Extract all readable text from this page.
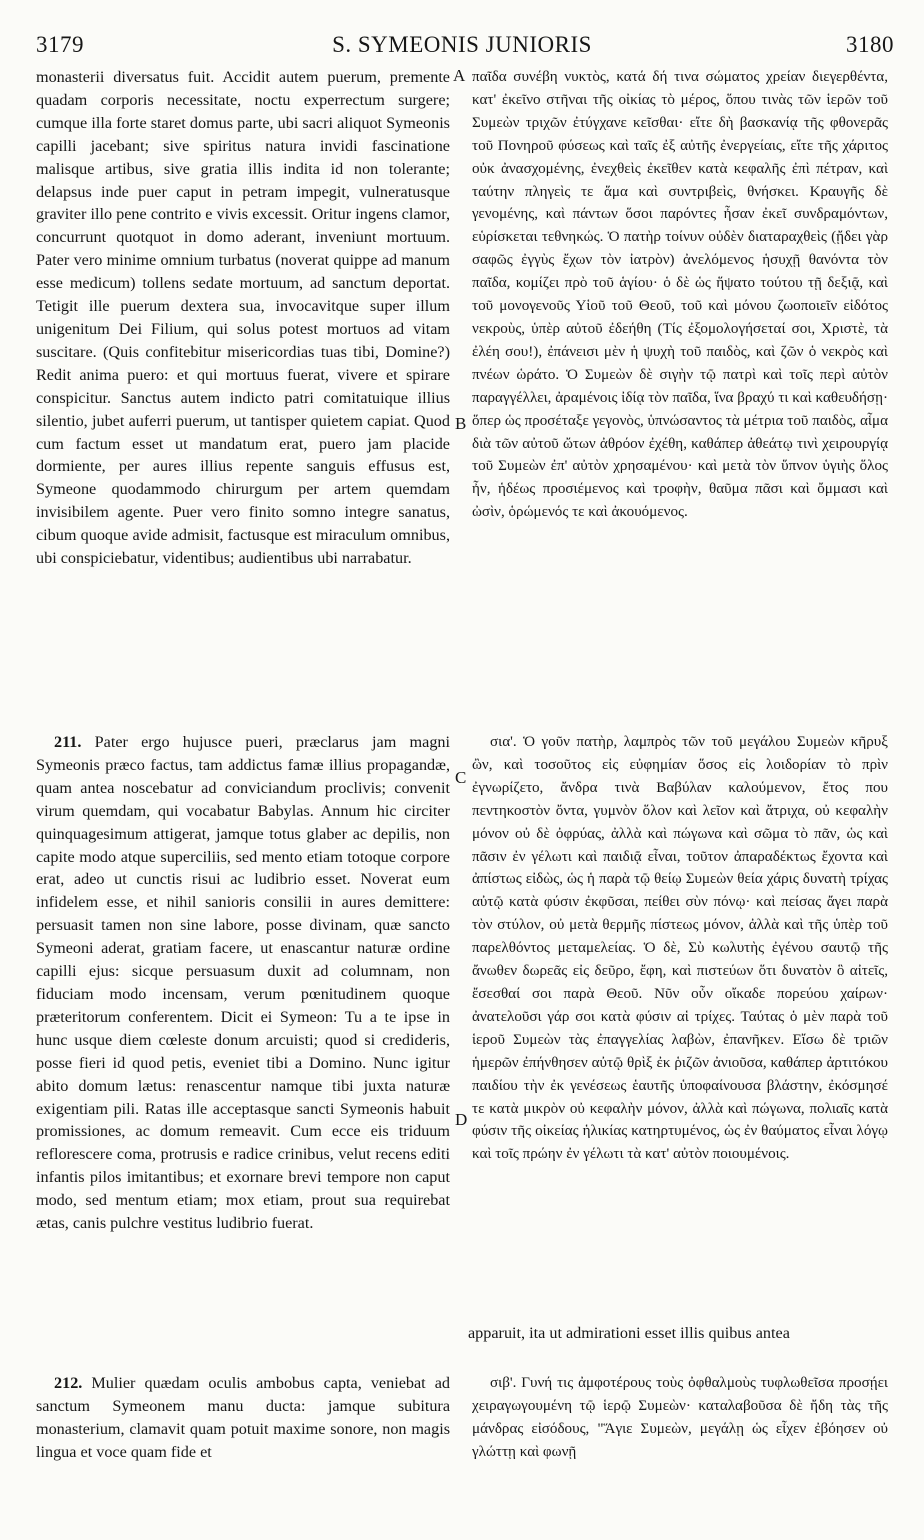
3179	S. SYMEONIS JUNIORIS	3180

monasterii diversatus fuit. Accidit autem puerum, premente quadam corporis necessitate, noctu experrectum surgere; cumque illa forte staret domus parte, ubi sacri aliquot Symeonis capilli jacebant; sive spiritus natura invidi fascinatione malisque artibus, sive gratia illis indita id non tolerante; delapsus inde puer caput in petram impegit, vulneratusque graviter illo pene contrito e vivis excessit. Oritur ingens clamor, concurrunt quotquot in domo aderant, inveniunt mortuum. Pater vero minime omnium turbatus (noverat quippe ad manum esse medicum) tollens sedate mortuum, ad sanctum deportat. Tetigit ille puerum dextera sua, invocavitque super illum unigenitum Dei Filium, qui solus potest mortuos ad vitam suscitare. (Quis confitebitur misericordias tuas tibi, Domine?) Redit anima puero: et qui mortuus fuerat, vivere et spirare conspicitur. Sanctus autem indicto patri comitatuique illius silentio, jubet auferri puerum, ut tantisper quietem capiat. Quod cum factum esset ut mandatum erat, puero jam placide dormiente, per aures illius repente sanguis effusus est, Symeone quodammodo chirurgum per artem quemdam invisibilem agente. Puer vero finito somno integre sanatus, cibum quoque avide admisit, factusque est miraculum omnibus, ubi conspiciebatur, videntibus; audientibus ubi narrabatur.

211. Pater ergo hujusce pueri, præclarus jam magni Symeonis præco factus, tam addictus famæ illius propagandæ, quam antea noscebatur ad conviciandum proclivis; convenit virum quemdam, qui vocabatur Babylas. Annum hic circiter quinquagesimum attigerat, jamque totus glaber ac depilis, non capite modo atque superciliis, sed mento etiam totoque corpore erat, adeo ut cunctis risui ac ludibrio esset. Noverat eum infidelem esse, et nihil sanioris consilii in aures demittere: persuasit tamen non sine labore, posse divinam, quæ sancto Symeoni aderat, gratiam facere, ut enascantur naturæ ordine capilli ejus: sicque persuasum duxit ad columnam, non fiduciam modo incensam, verum pœnitudinem quoque præteritorum conferentem. Dicit ei Symeon: Tu a te ipse in hunc usque diem cœleste donum arcuisti; quod si credideris, posse fieri id quod petis, eveniet tibi a Domino. Nunc igitur abito domum lætus: renascentur namque tibi juxta naturæ exigentiam pili. Ratas ille acceptasque sancti Symeonis habuit promissiones, ac domum remeavit. Cum ecce eis triduum reflorescere coma, protrusis e radice crinibus, velut recens editi infantis pilos imitantibus; et exornare brevi tempore non caput modo, sed mentum etiam; mox etiam, prout sua requirebat ætas, canis pulchre vestitus ludibrio fuerat.

212. Mulier quædam oculis ambobus capta, veniebat ad sanctum Symeonem manu ducta: jamque subitura monasterium, clamavit quam potuit maxime sonore, non magis lingua et voce quam fide et

A
B
C
D

παῖδα συνέβη νυκτὸς, κατά δή τινα σώματος χρείαν διεγερθέντα, κατ' ἐκεῖνο στῆναι τῆς οἰκίας τὸ μέρος, ὅπου τινὰς τῶν ἱερῶν τοῦ Συμεὼν τριχῶν ἐτύγχανε κεῖσθαι· εἴτε δὴ βασκανίᾳ τῆς φθονερᾶς τοῦ Πονηροῦ φύσεως καὶ ταῖς ἐξ αὐτῆς ἐνεργείαις, εἴτε τῆς χάριτος οὐκ ἀνασχομένης, ἐνεχθεὶς ἐκεῖθεν κατὰ κεφαλῆς ἐπὶ πέτραν, καὶ ταύτην πληγεὶς τε ἅμα καὶ συντριβεὶς, θνήσκει. Κραυγῆς δὲ γενομένης, καὶ πάντων ὅσοι παρόντες ἦσαν ἐκεῖ συνδραμόντων, εὑρίσκεται τεθνηκώς. Ὁ πατὴρ τοίνυν οὐδὲν διαταραχθεὶς (ᾔδει γὰρ σαφῶς ἐγγὺς ἔχων τὸν ἰατρὸν) ἀνελόμενος ἡσυχῇ θανόντα τὸν παῖδα, κομίζει πρὸ τοῦ ἁγίου· ὁ δὲ ὡς ἥψατο τούτου τῇ δεξιᾷ, καὶ τοῦ μονογενοῦς Υἱοῦ τοῦ Θεοῦ, τοῦ καὶ μόνου ζωοποιεῖν εἰδότος νεκροὺς, ὑπὲρ αὐτοῦ ἐδεήθη (Τίς ἐξομολογήσεταί σοι, Χριστὲ, τὰ ἐλέη σου!), ἐπάνεισι μὲν ἡ ψυχὴ τοῦ παιδὸς, καὶ ζῶν ὁ νεκρὸς καὶ πνέων ὡράτο. Ὁ Συμεὼν δὲ σιγὴν τῷ πατρὶ καὶ τοῖς περὶ αὐτὸν παραγγέλλει, ἀραμένοις ἰδίᾳ τὸν παῖδα, ἵνα βραχύ τι καὶ καθευδήσῃ· ὅπερ ὡς προσέταξε γεγονὸς, ὑπνώσαντος τὰ μέτρια τοῦ παιδὸς, αἷμα διὰ τῶν αὐτοῦ ὤτων ἀθρόον ἐχέθη, καθάπερ ἀθεάτῳ τινὶ χειρουργίᾳ τοῦ Συμεὼν ἐπ' αὐτὸν χρησαμένου· καὶ μετὰ τὸν ὕπνον ὑγιὴς ὅλος ἦν, ἡδέως προσιέμενος καὶ τροφὴν, θαῦμα πᾶσι καὶ ὄμμασι καὶ ὠσὶν, ὁρώμενός τε καὶ ἀκουόμενος.

σια'. Ὁ γοῦν πατὴρ, λαμπρὸς τῶν τοῦ μεγάλου Συμεὼν κῆρυξ ὢν, καὶ τοσοῦτος εἰς εὐφημίαν ὅσος εἰς λοιδορίαν τὸ πρὶν ἐγνωρίζετο, ἄνδρα τινὰ Βαβύλαν καλούμενον, ἔτος που πεντηκοστὸν ὄντα, γυμνὸν ὅλον καὶ λεῖον καὶ ἄτριχα, οὐ κεφαλὴν μόνον οὐ δὲ ὀφρύας, ἀλλὰ καὶ πώγωνα καὶ σῶμα τὸ πᾶν, ὡς καὶ πᾶσιν ἐν γέλωτι καὶ παιδιᾷ εἶναι, τοῦτον ἀπαραδέκτως ἔχοντα καὶ ἀπίστως εἰδὼς, ὡς ἡ παρὰ τῷ θείῳ Συμεὼν θεία χάρις δυνατὴ τρίχας αὐτῷ κατὰ φύσιν ἐκφῦσαι, πείθει σὺν πόνῳ· καὶ πείσας ἄγει παρὰ τὸν στύλον, οὐ μετὰ θερμῆς πίστεως μόνον, ἀλλὰ καὶ τῆς ὑπὲρ τοῦ παρελθόντος μεταμελείας. Ὁ δὲ, Σὺ κωλυτὴς ἐγένου σαυτῷ τῆς ἄνωθεν δωρεᾶς εἰς δεῦρο, ἔφη, καὶ πιστεύων ὅτι δυνατὸν ὃ αἰτεῖς, ἔσεσθαί σοι παρὰ Θεοῦ. Νῦν οὖν οἴκαδε πορεύου χαίρων· ἀνατελοῦσι γάρ σοι κατὰ φύσιν αἱ τρίχες. Ταύτας ὁ μὲν παρὰ τοῦ ἱεροῦ Συμεὼν τὰς ἐπαγγελίας λαβὼν, ἐπανῆκεν. Εἴσω δὲ τριῶν ἡμερῶν ἐπήνθησεν αὐτῷ θρὶξ ἐκ ῥιζῶν ἀνιοῦσα, καθάπερ ἀρτιτόκου παιδίου τὴν ἐκ γενέσεως ἑαυτῆς ὑποφαίνουσα βλάστην, ἐκόσμησέ τε κατὰ μικρὸν οὐ κεφαλὴν μόνον, ἀλλὰ καὶ πώγωνα, πολιαῖς κατὰ φύσιν τῆς οἰκείας ἡλικίας κατηρτυμένος, ὡς ἐν θαύματος εἶναι λόγῳ καὶ τοῖς πρώην ἐν γέλωτι τὰ κατ' αὐτὸν ποιουμένοις.

apparuit, ita ut admirationi esset illis quibus antea

σιβ'. Γυνή τις ἀμφοτέρους τοὺς ὀφθαλμοὺς τυφλωθεῖσα προσῄει χειραγωγουμένη τῷ ἱερῷ Συμεὼν· καταλαβοῦσα δὲ ἤδη τὰς τῆς μάνδρας εἰσόδους, "Ἅγιε Συμεὼν, μεγάλῃ ὡς εἶχεν ἐβόησεν οὐ γλώττῃ καὶ φωνῇ
